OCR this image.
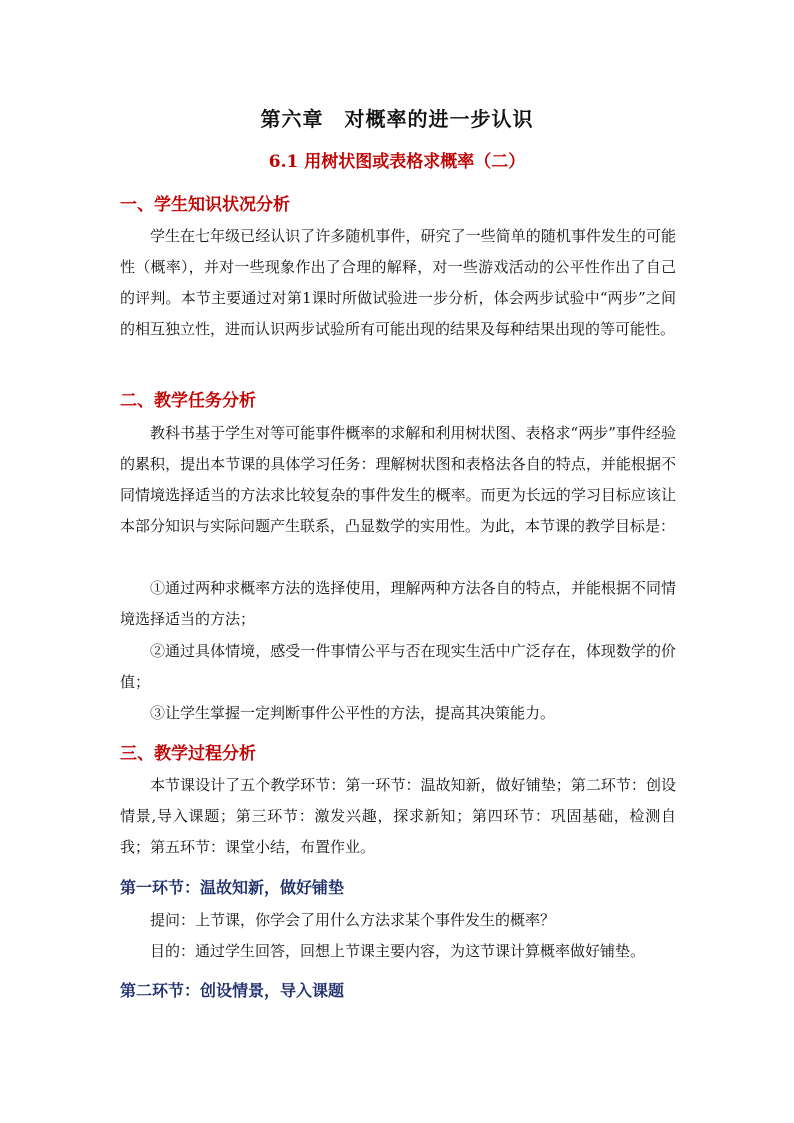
第六章　对概率的进一步认识
6.1 用树状图或表格求概率（二）
一、学生知识状况分析

学生在七年级已经认识了许多随机事件，研究了一些简单的随机事件发生的可能性（概率），并对一些现象作出了合理的解释，对一些游戏活动的公平性作出了自己的评判。本节主要通过对第1课时所做试验进一步分析，体会两步试验中“两步”之间的相互独立性，进而认识两步试验所有可能出现的结果及每种结果出现的等可能性。

二、教学任务分析

教科书基于学生对等可能事件概率的求解和利用树状图、表格求“两步”事件经验的累积，提出本节课的具体学习任务：理解树状图和表格法各自的特点，并能根据不同情境选择适当的方法求比较复杂的事件发生的概率。而更为长远的学习目标应该让本部分知识与实际问题产生联系，凸显数学的实用性。为此，本节课的教学目标是：

①通过两种求概率方法的选择使用，理解两种方法各自的特点，并能根据不同情境选择适当的方法；

②通过具体情境，感受一件事情公平与否在现实生活中广泛存在，体现数学的价值；

③让学生掌握一定判断事件公平性的方法，提高其决策能力。

三、教学过程分析

本节课设计了五个教学环节：第一环节：温故知新，做好铺垫；第二环节：创设情景,导入课题；第三环节：激发兴趣，探求新知；第四环节：巩固基础，检测自我；第五环节：课堂小结，布置作业。

第一环节：温故知新，做好铺垫

提问：上节课，你学会了用什么方法求某个事件发生的概率？

目的：通过学生回答，回想上节课主要内容，为这节课计算概率做好铺垫。

第二环节：创设情景，导入课题
